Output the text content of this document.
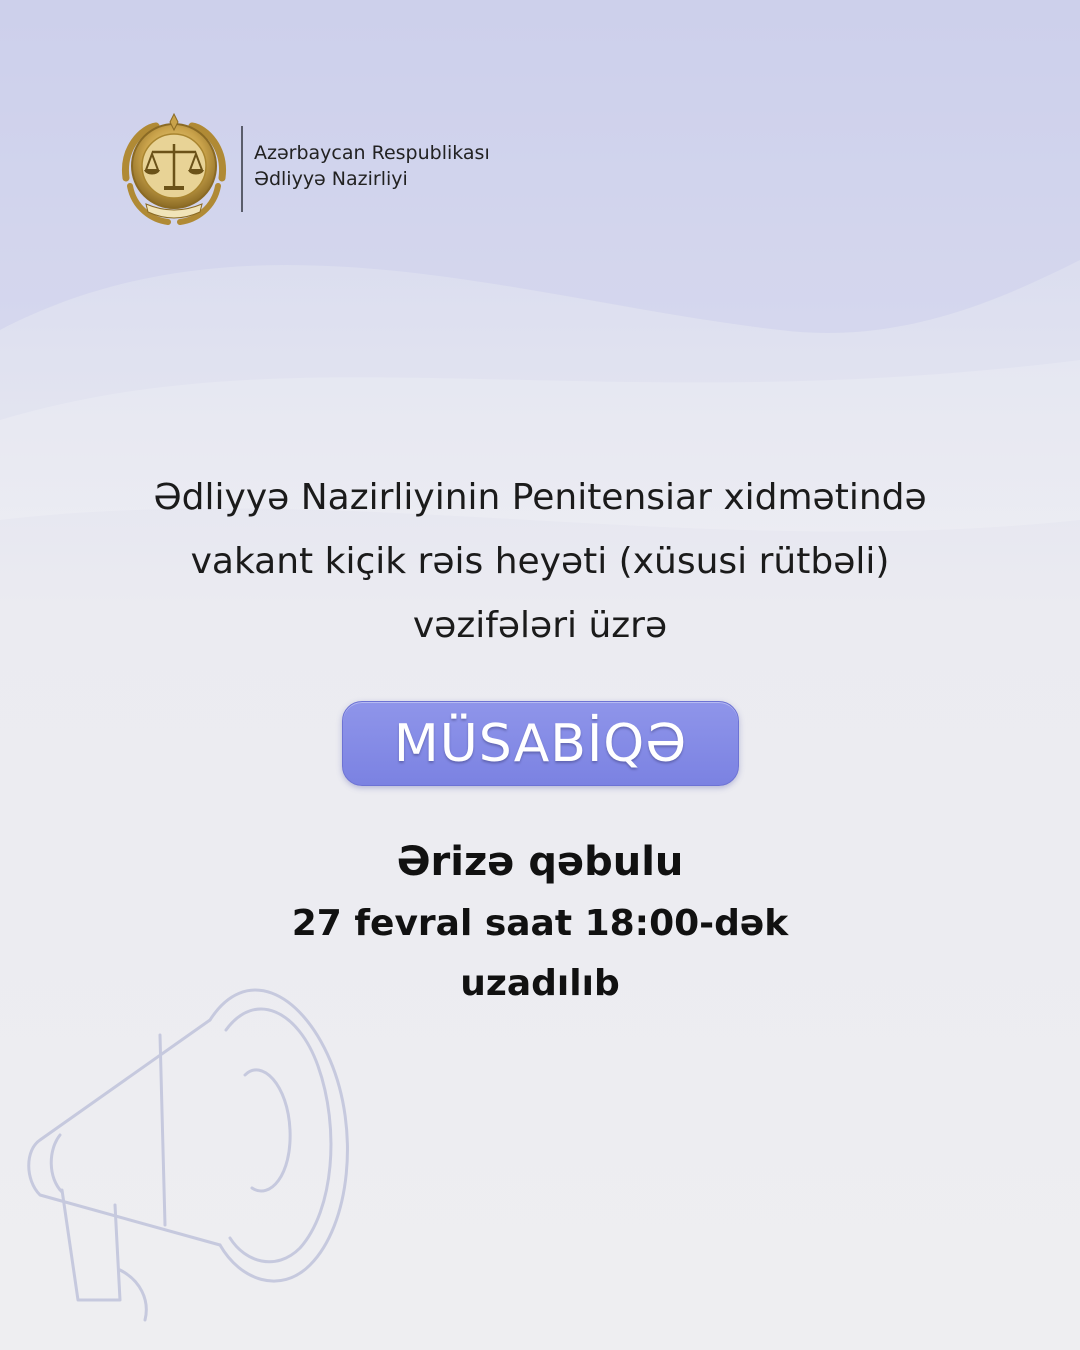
Azərbaycan Respublikası
Ədliyyə Nazirliyi
Ədliyyə Nazirliyinin Penitensiar xidmətində
vakant kiçik rəis heyəti (xüsusi rütbəli)
vəzifələri üzrə
MÜSABİQƏ
Ərizə qəbulu
27 fevral saat 18:00-dək
uzadılıb
